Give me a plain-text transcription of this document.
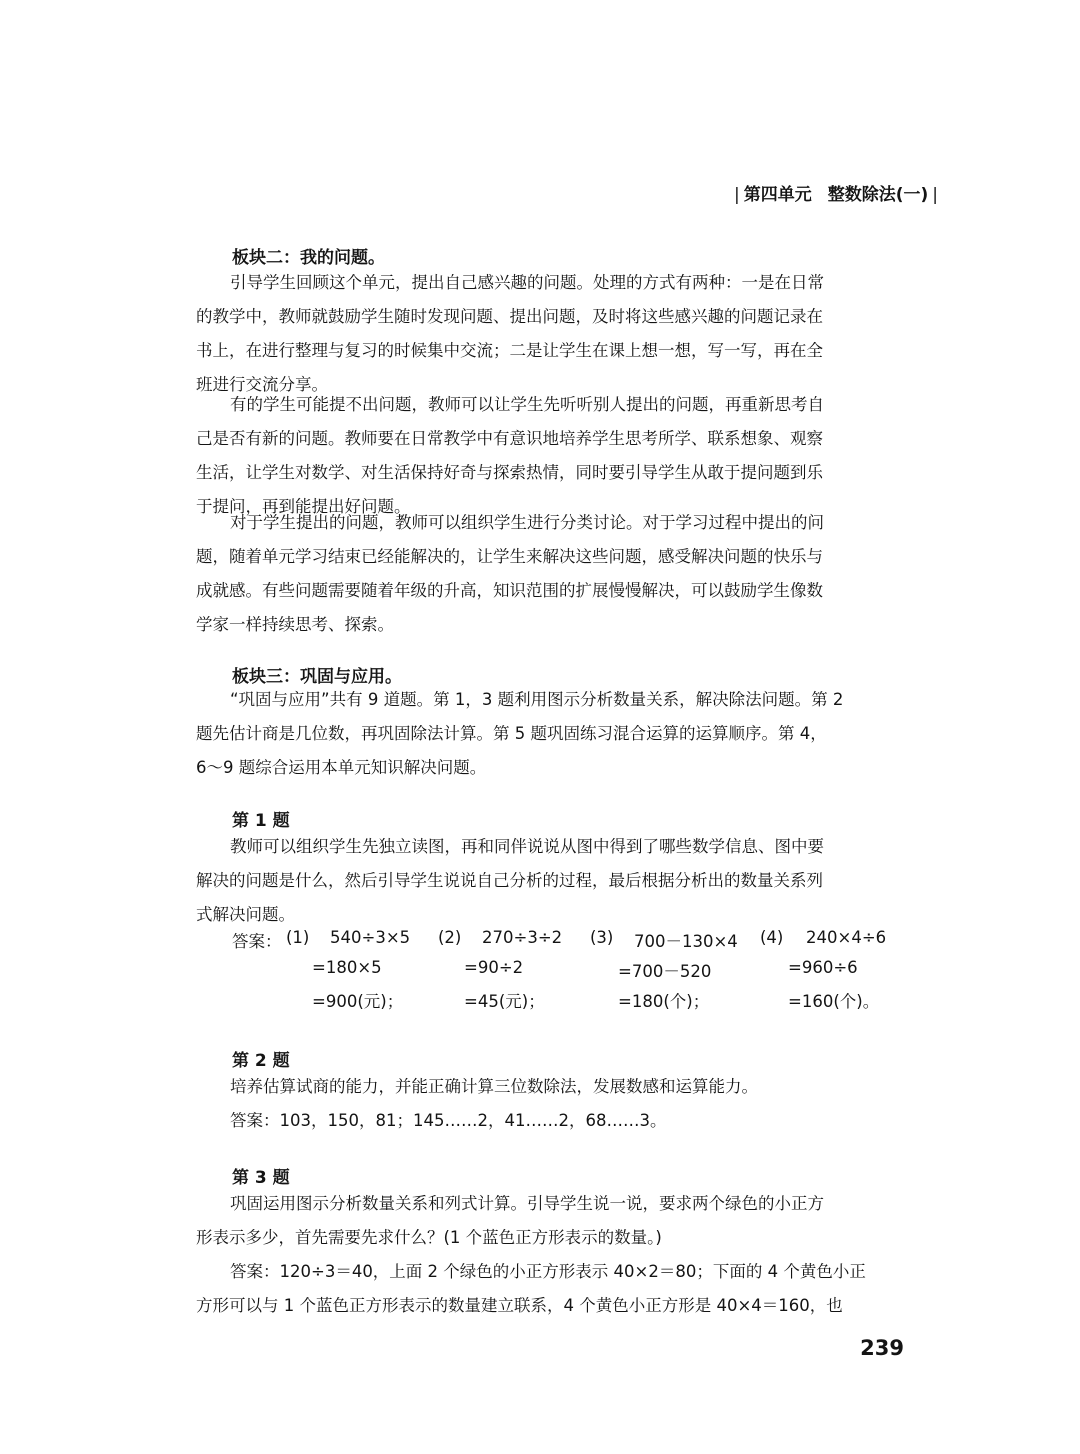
| 第四单元 整数除法(一) |
板块二：我的问题。
引导学生回顾这个单元，提出自己感兴趣的问题。处理的方式有两种：一是在日常
的教学中，教师就鼓励学生随时发现问题、提出问题，及时将这些感兴趣的问题记录在
书上，在进行整理与复习的时候集中交流；二是让学生在课上想一想，写一写，再在全
班进行交流分享。
有的学生可能提不出问题，教师可以让学生先听听别人提出的问题，再重新思考自
己是否有新的问题。教师要在日常教学中有意识地培养学生思考所学、联系想象、观察
生活，让学生对数学、对生活保持好奇与探索热情，同时要引导学生从敢于提问题到乐
于提问，再到能提出好问题。
对于学生提出的问题，教师可以组织学生进行分类讨论。对于学习过程中提出的问
题，随着单元学习结束已经能解决的，让学生来解决这些问题，感受解决问题的快乐与
成就感。有些问题需要随着年级的升高，知识范围的扩展慢慢解决，可以鼓励学生像数
学家一样持续思考、探索。
板块三：巩固与应用。
“巩固与应用”共有 9 道题。第 1，3 题利用图示分析数量关系，解决除法问题。第 2
题先估计商是几位数，再巩固除法计算。第 5 题巩固练习混合运算的运算顺序。第 4，
6～9 题综合运用本单元知识解决问题。
第 1 题
教师可以组织学生先独立读图，再和同伴说说从图中得到了哪些数学信息、图中要
解决的问题是什么，然后引导学生说说自己分析的过程，最后根据分析出的数量关系列
式解决问题。
答案： (1) 540÷3×5
=180×5
=900(元)；
(2) 270÷3÷2
=90÷2
=45(元)；
(3) 700－130×4
=700－520
=180(个)；
(4) 240×4÷6
=960÷6
=160(个)。
第 2 题
培养估算试商的能力，并能正确计算三位数除法，发展数感和运算能力。
答案：103，150，81；145……2，41……2，68……3。
第 3 题
巩固运用图示分析数量关系和列式计算。引导学生说一说，要求两个绿色的小正方
形表示多少，首先需要先求什么？(1 个蓝色正方形表示的数量。)
答案：120÷3＝40，上面 2 个绿色的小正方形表示 40×2＝80；下面的 4 个黄色小正
方形可以与 1 个蓝色正方形表示的数量建立联系，4 个黄色小正方形是 40×4＝160，也
239
